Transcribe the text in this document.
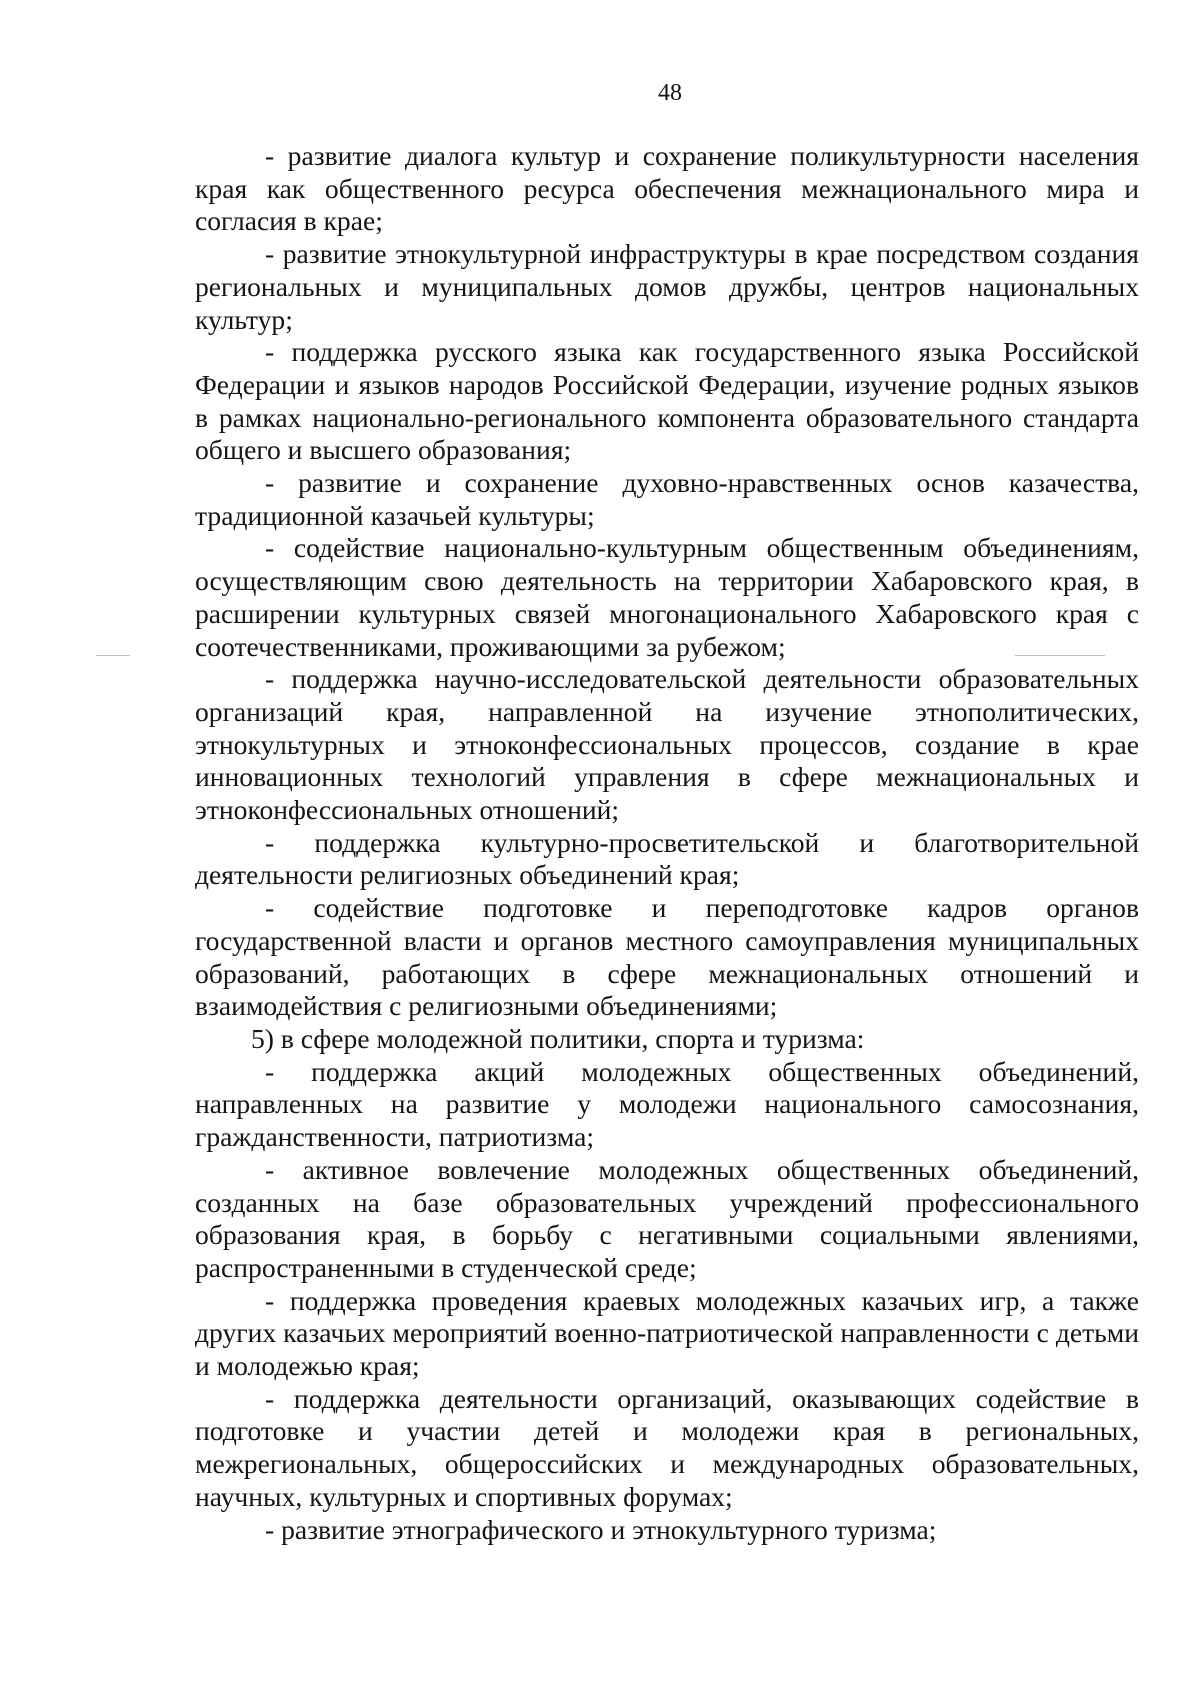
48

- развитие диалога культур и сохранение поликультурности населения края как общественного ресурса обеспечения межнационального мира и согласия в крае;

- развитие этнокультурной инфраструктуры в крае посредством создания региональных и муниципальных домов дружбы, центров национальных культур;

- поддержка русского языка как государственного языка Российской Федерации и языков народов Российской Федерации, изучение родных языков в рамках национально-регионального компонента образовательного стандарта общего и высшего образования;

- развитие и сохранение духовно-нравственных основ казачества, традиционной казачьей культуры;

- содействие национально-культурным общественным объединениям, осуществляющим свою деятельность на территории Хабаровского края, в расширении культурных связей многонационального Хабаровского края с соотечественниками, проживающими за рубежом;

- поддержка научно-исследовательской деятельности образовательных организаций края, направленной на изучение этнополитических, этнокультурных и этноконфессиональных процессов, создание в крае инновационных технологий управления в сфере межнациональных и этноконфессиональных отношений;

- поддержка культурно-просветительской и благотворительной деятельности религиозных объединений края;

- содействие подготовке и переподготовке кадров органов государственной власти и органов местного самоуправления муниципальных образований, работающих в сфере межнациональных отношений и взаимодействия с религиозными объединениями;

5) в сфере молодежной политики, спорта и туризма:

- поддержка акций молодежных общественных объединений, направленных на развитие у молодежи национального самосознания, гражданственности, патриотизма;

- активное вовлечение молодежных общественных объединений, созданных на базе образовательных учреждений профессионального образования края, в борьбу с негативными социальными явлениями, распространенными в студенческой среде;

- поддержка проведения краевых молодежных казачьих игр, а также других казачьих мероприятий военно-патриотической направленности с детьми и молодежью края;

- поддержка деятельности организаций, оказывающих содействие в подготовке и участии детей и молодежи края в региональных, межрегиональных, общероссийских и международных образовательных, научных, культурных и спортивных форумах;

- развитие этнографического и этнокультурного туризма;
